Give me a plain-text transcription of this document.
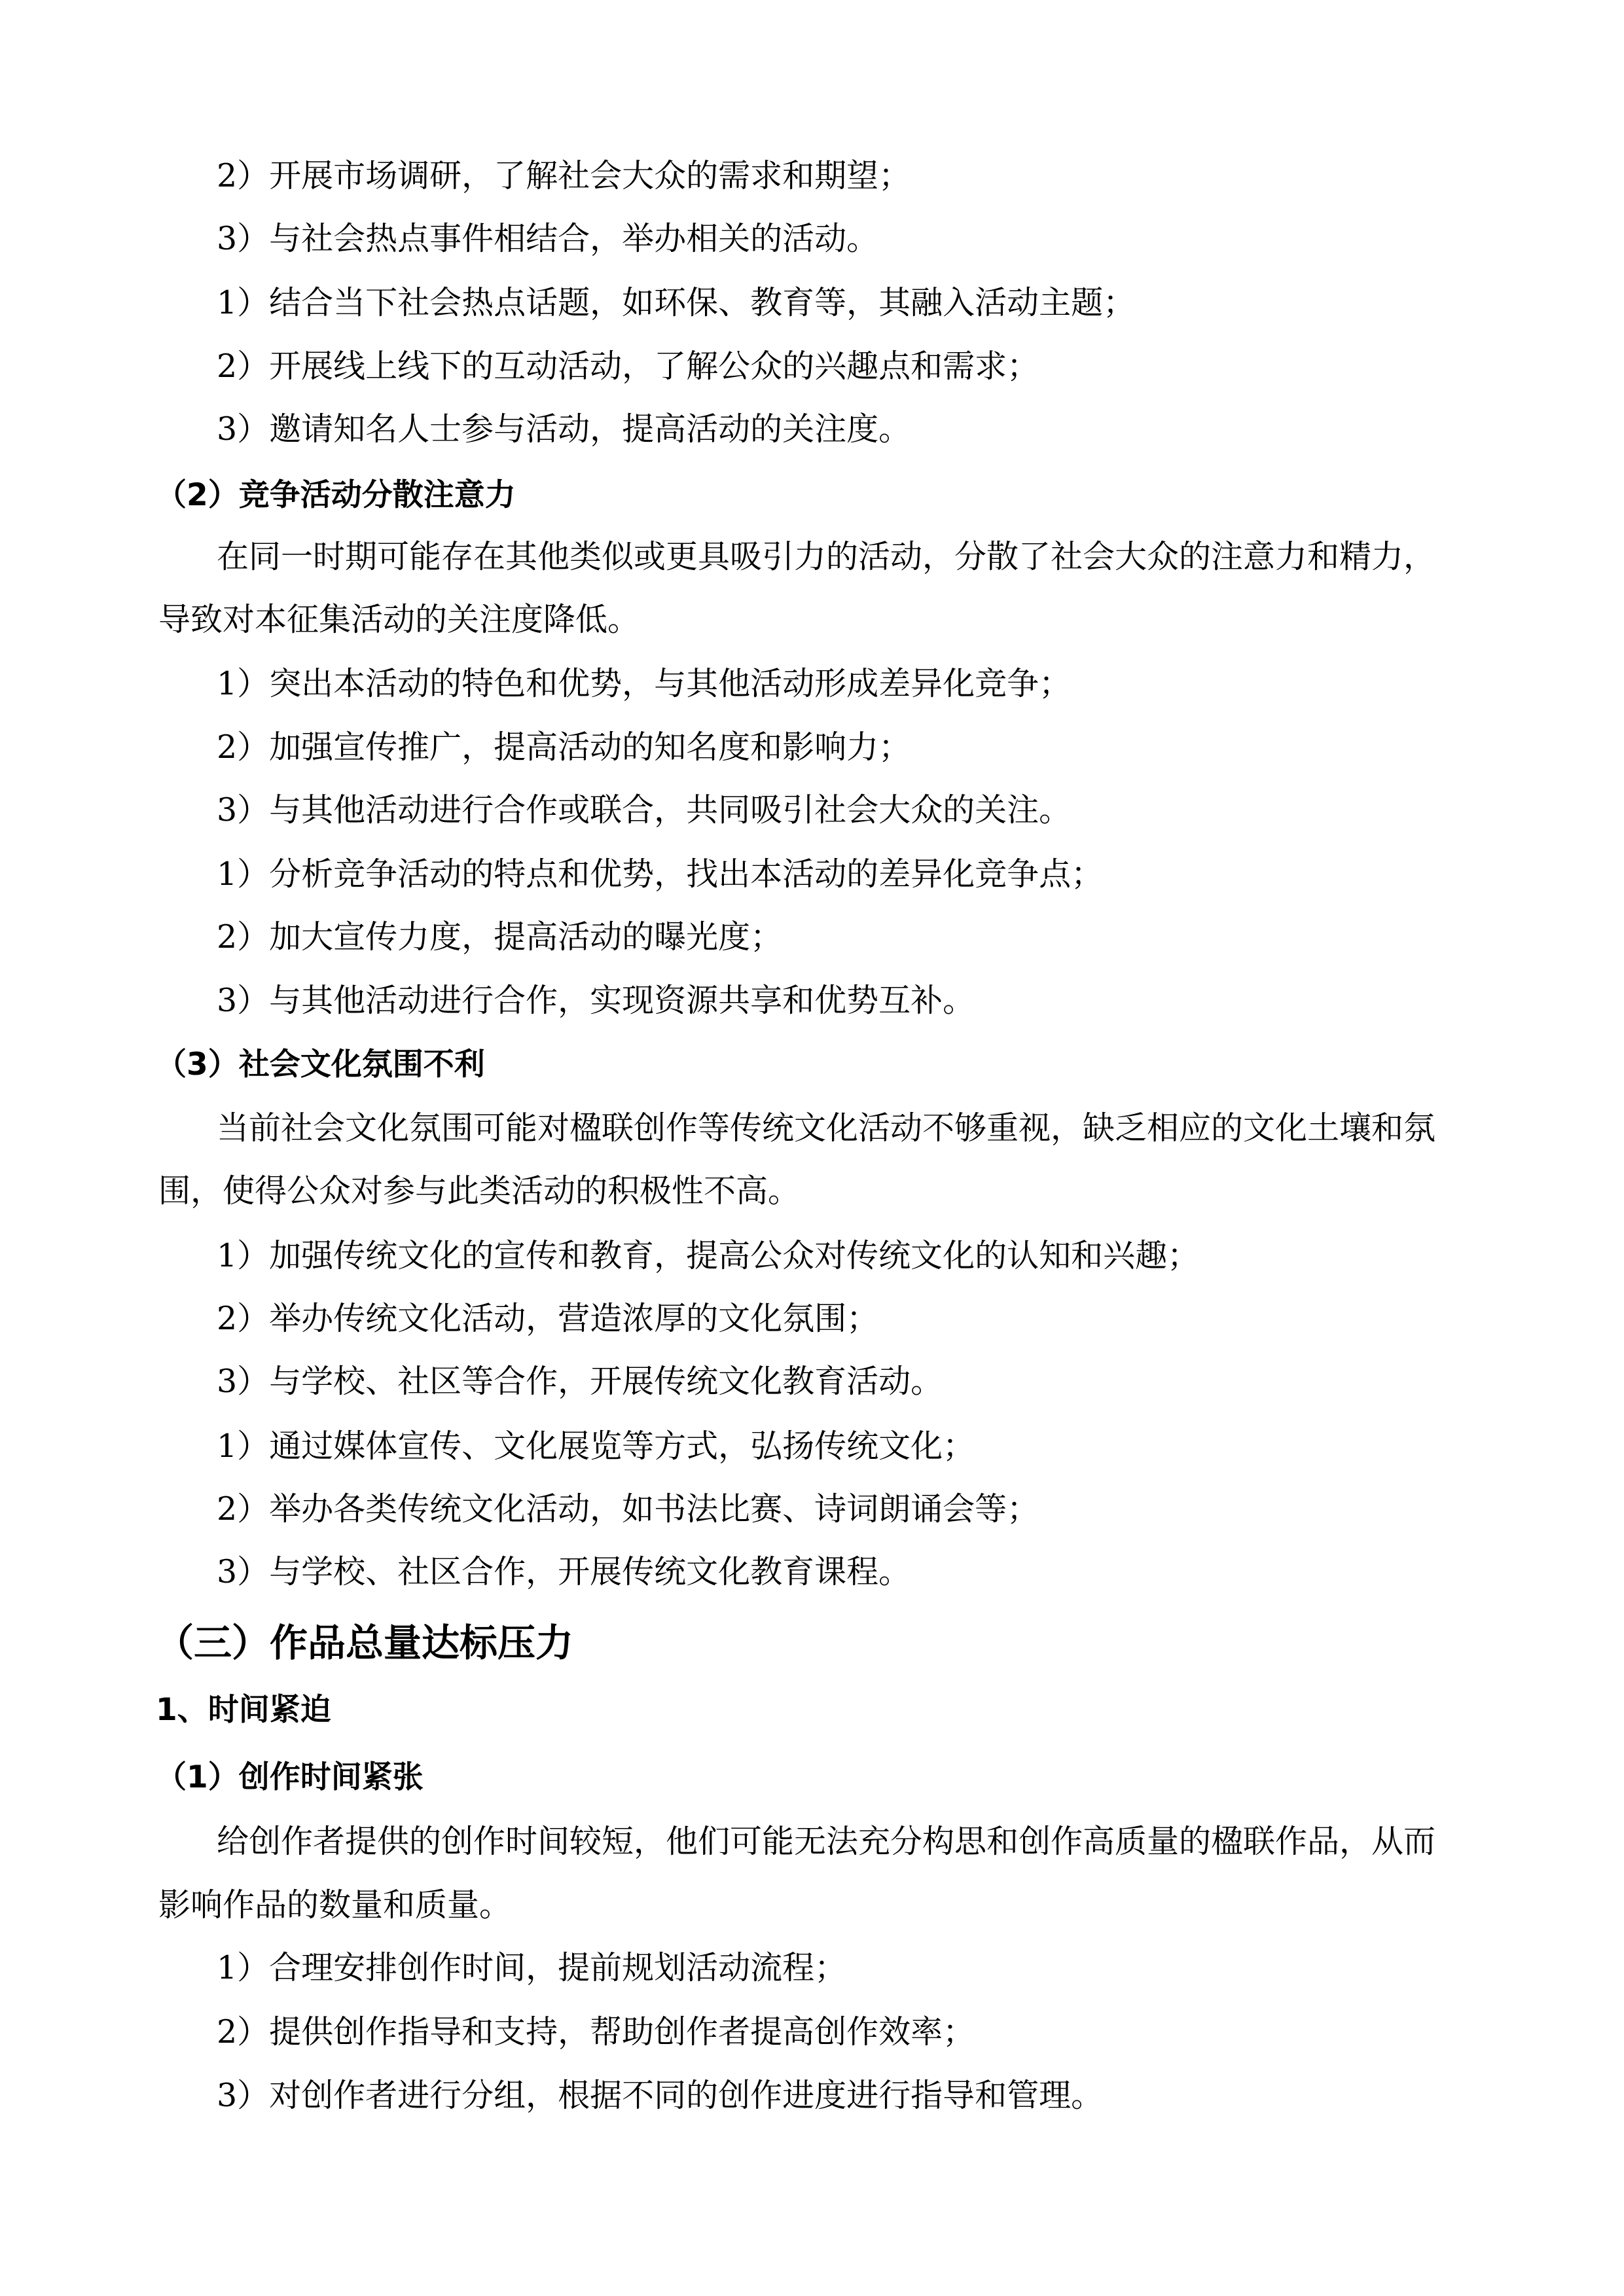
2）开展市场调研，了解社会大众的需求和期望；
3）与社会热点事件相结合，举办相关的活动。
1）结合当下社会热点话题，如环保、教育等，其融入活动主题；
2）开展线上线下的互动活动，了解公众的兴趣点和需求；
3）邀请知名人士参与活动，提高活动的关注度。
（2）竞争活动分散注意力
在同一时期可能存在其他类似或更具吸引力的活动，分散了社会大众的注意力和精力，
导致对本征集活动的关注度降低。
1）突出本活动的特色和优势，与其他活动形成差异化竞争；
2）加强宣传推广，提高活动的知名度和影响力；
3）与其他活动进行合作或联合，共同吸引社会大众的关注。
1）分析竞争活动的特点和优势，找出本活动的差异化竞争点；
2）加大宣传力度，提高活动的曝光度；
3）与其他活动进行合作，实现资源共享和优势互补。
（3）社会文化氛围不利
当前社会文化氛围可能对楹联创作等传统文化活动不够重视，缺乏相应的文化土壤和氛
围，使得公众对参与此类活动的积极性不高。
1）加强传统文化的宣传和教育，提高公众对传统文化的认知和兴趣；
2）举办传统文化活动，营造浓厚的文化氛围；
3）与学校、社区等合作，开展传统文化教育活动。
1）通过媒体宣传、文化展览等方式，弘扬传统文化；
2）举办各类传统文化活动，如书法比赛、诗词朗诵会等；
3）与学校、社区合作，开展传统文化教育课程。
（三）作品总量达标压力
1、时间紧迫
（1）创作时间紧张
给创作者提供的创作时间较短，他们可能无法充分构思和创作高质量的楹联作品，从而
影响作品的数量和质量。
1）合理安排创作时间，提前规划活动流程；
2）提供创作指导和支持，帮助创作者提高创作效率；
3）对创作者进行分组，根据不同的创作进度进行指导和管理。
